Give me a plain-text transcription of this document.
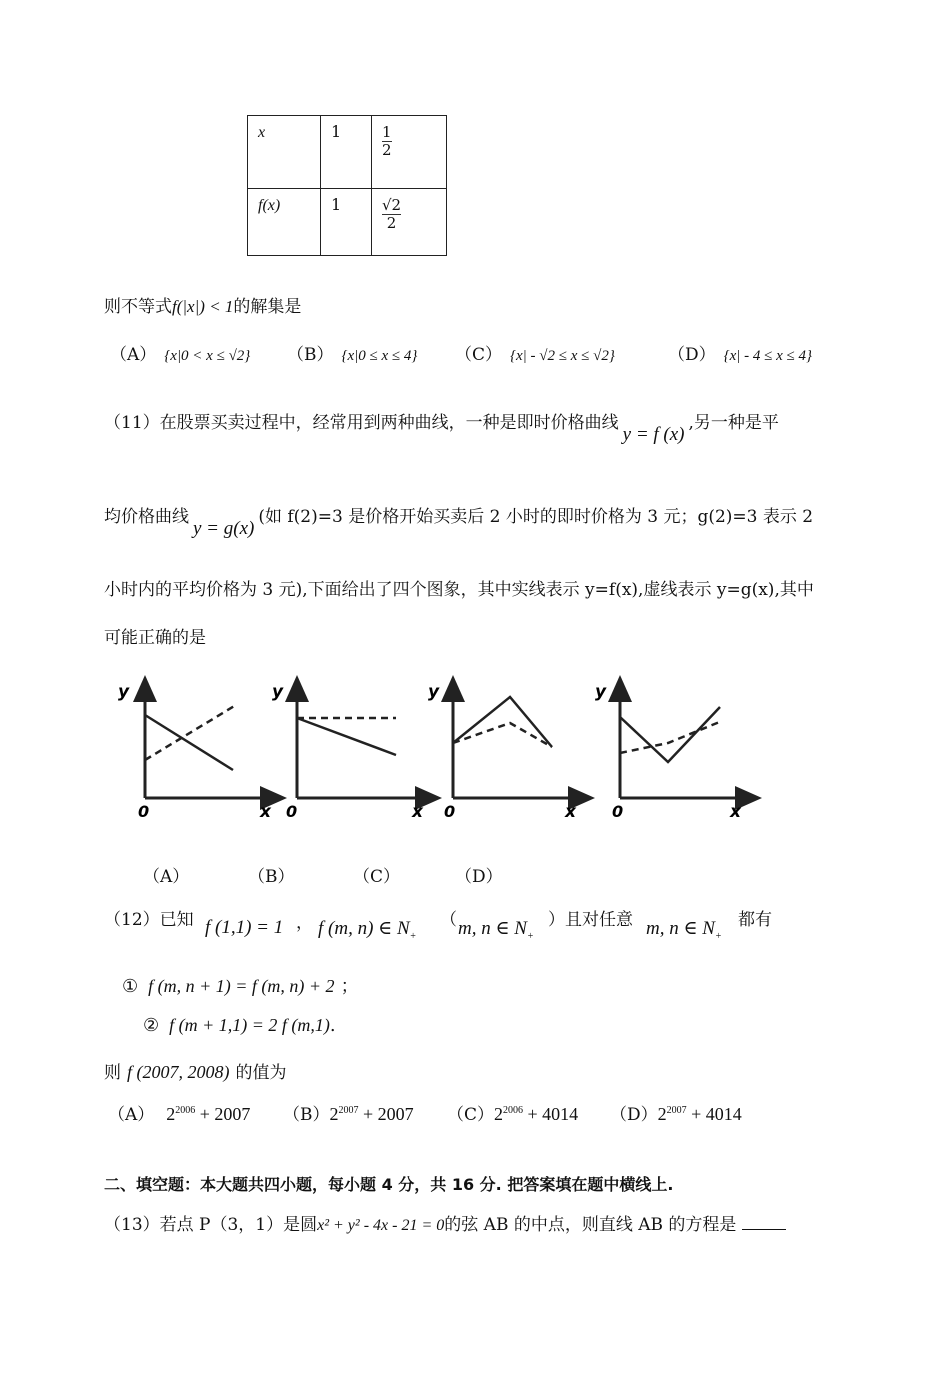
x	1	$\frac{1}{2}$

f(x)	1	$\frac{√2}{2}$
则不等式f(|x|) < 1的解集是
（A） {x|0 < x ≤ √2} （B） {x|0 ≤ x ≤ 4} （C） {x| - √2 ≤ x ≤ √2}	（D） {x| - 4 ≤ x ≤ 4}
（11）在股票买卖过程中，经常用到两种曲线，一种是即时价格曲线y = f (x),另一种是平
均价格曲线y = g(x)(如 f(2)=3 是价格开始买卖后 2 小时的即时价格为 3 元；g(2)=3 表示 2
小时内的平均价格为 3 元),下面给出了四个图象，其中实线表示 y=f(x),虚线表示 y=g(x),其中
可能正确的是
y
0	x
y
0	x
y
0	x
y
0	x
（A）	（B）	（C）	（D）
（12）已知 f (1,1) = 1 ， f (m, n) ∈ $N_+$
（ m, n ∈ $N_+$
）且对任意 m, n ∈ $N_+$
都有
① f (m, n + 1) = f (m, n) + 2 ；
② f (m + 1,1) = 2 f (m,1).
则 f (2007, 2008) 的值为
（A） $2^{2006} + 2007$ $(B)2^{2007} + 2007$ $(C)2^{2006} + 4014$ $(D)2^{2007} + 4014$
二、填空题：本大题共四小题，每小题 4 分，共 16 分. 把答案填在题中横线上.
（13）若点 P（3，1）是圆x² + y² - 4x - 21 = 0的弦 AB 的中点，则直线 AB 的方程是
